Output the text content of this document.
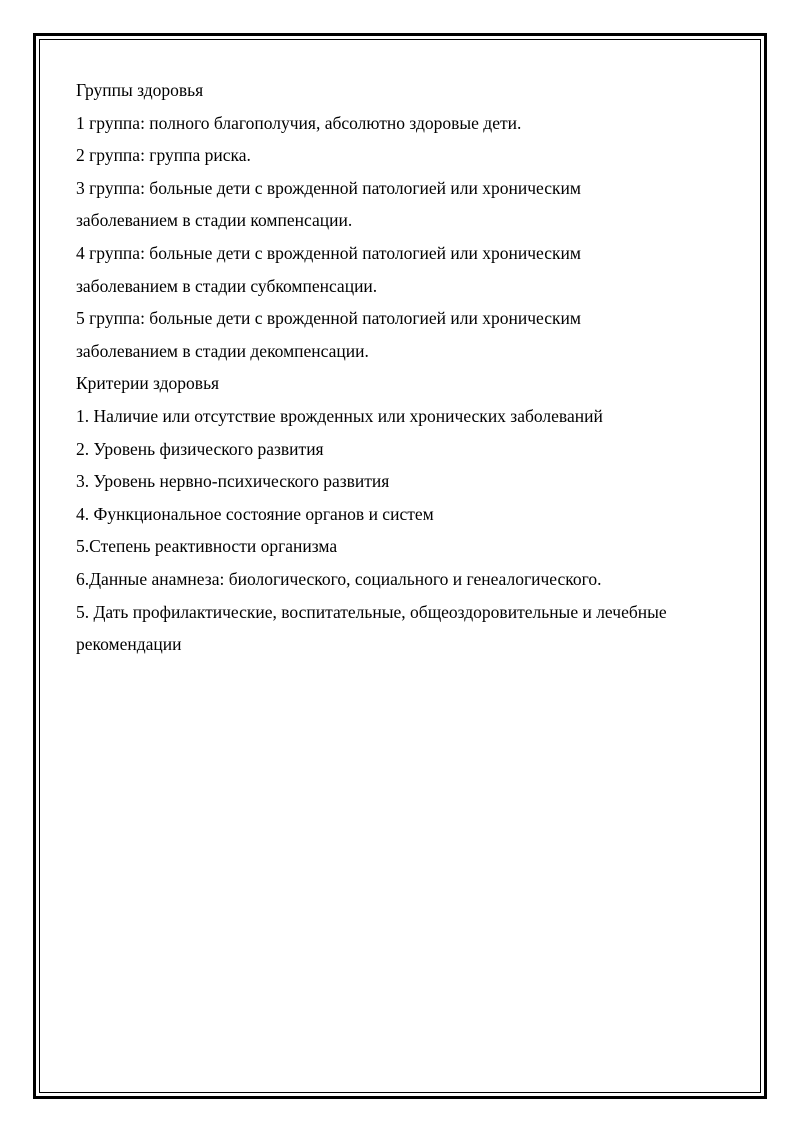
Группы здоровья

1 группа: полного благополучия, абсолютно здоровые дети.

2 группа: группа риска.

3 группа: больные дети с врожденной патологией или хроническим

заболеванием в стадии компенсации.

4 группа: больные дети с врожденной патологией или хроническим

заболеванием в стадии субкомпенсации.

5 группа: больные дети с врожденной патологией или хроническим

заболеванием в стадии декомпенсации.

Критерии здоровья

1. Наличие или отсутствие врожденных или хронических заболеваний

2. Уровень физического развития

3. Уровень нервно-психического развития

4. Функциональное состояние органов и систем

5.Степень реактивности организма

6.Данные анамнеза: биологического, социального и генеалогического.

5. Дать профилактические, воспитательные, общеоздоровительные и лечебные

рекомендации
